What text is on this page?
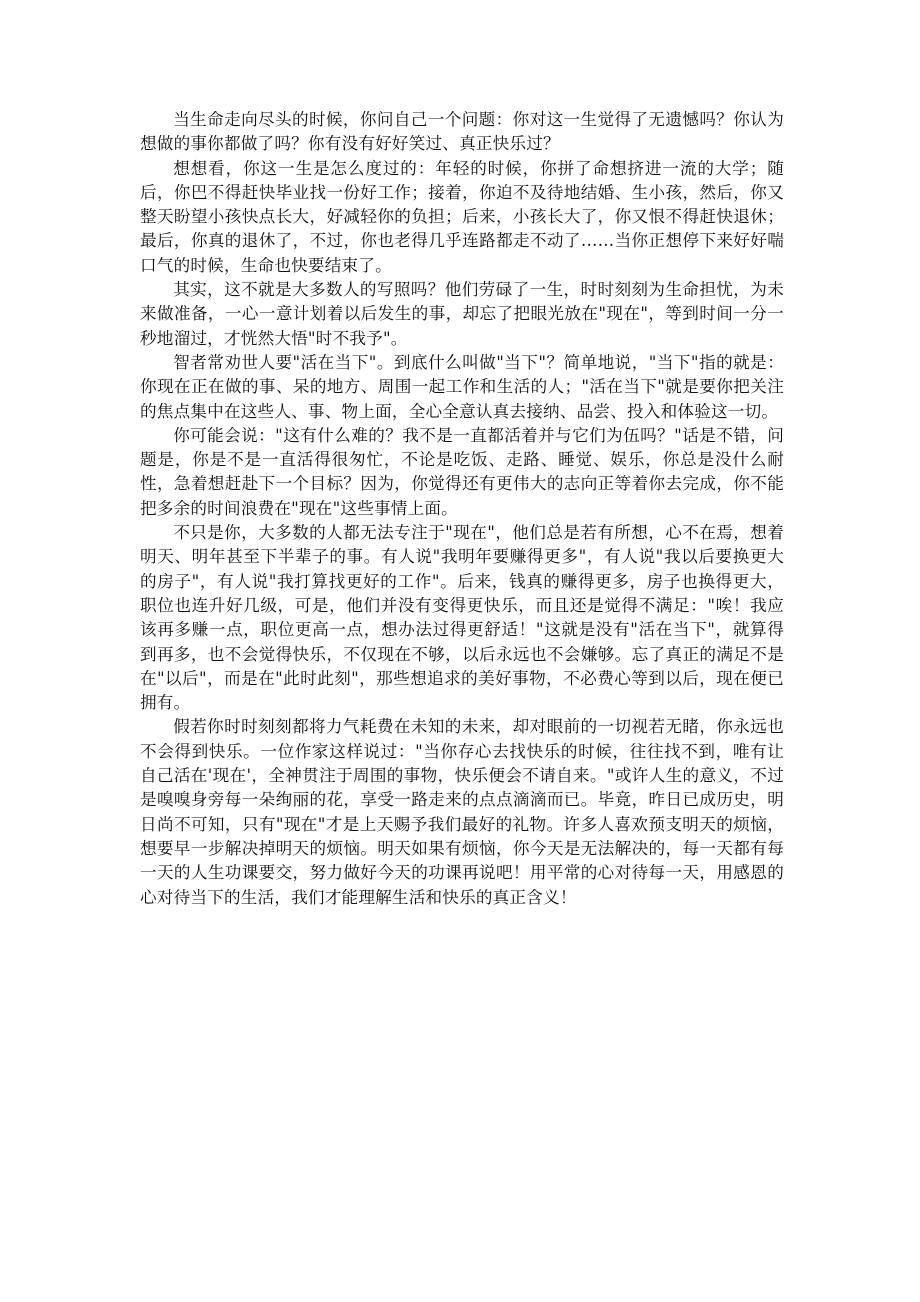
当生命走向尽头的时候，你问自己一个问题：你对这一生觉得了无遗憾吗？你认为想做的事你都做了吗？你有没有好好笑过、真正快乐过？

想想看，你这一生是怎么度过的：年轻的时候，你拼了命想挤进一流的大学；随后，你巴不得赶快毕业找一份好工作；接着，你迫不及待地结婚、生小孩，然后，你又整天盼望小孩快点长大，好减轻你的负担；后来，小孩长大了，你又恨不得赶快退休；最后，你真的退休了，不过，你也老得几乎连路都走不动了……当你正想停下来好好喘口气的时候，生命也快要结束了。

其实，这不就是大多数人的写照吗？他们劳碌了一生，时时刻刻为生命担忧，为未来做准备，一心一意计划着以后发生的事，却忘了把眼光放在"现在"，等到时间一分一秒地溜过，才恍然大悟"时不我予"。

智者常劝世人要"活在当下"。到底什么叫做"当下"？简单地说，"当下"指的就是：你现在正在做的事、呆的地方、周围一起工作和生活的人；"活在当下"就是要你把关注的焦点集中在这些人、事、物上面，全心全意认真去接纳、品尝、投入和体验这一切。

你可能会说："这有什么难的？我不是一直都活着并与它们为伍吗？"话是不错，问题是，你是不是一直活得很匆忙，不论是吃饭、走路、睡觉、娱乐，你总是没什么耐性，急着想赶赴下一个目标？因为，你觉得还有更伟大的志向正等着你去完成，你不能把多余的时间浪费在"现在"这些事情上面。

不只是你，大多数的人都无法专注于"现在"，他们总是若有所想，心不在焉，想着明天、明年甚至下半辈子的事。有人说"我明年要赚得更多"，有人说"我以后要换更大的房子"，有人说"我打算找更好的工作"。后来，钱真的赚得更多，房子也换得更大，职位也连升好几级，可是，他们并没有变得更快乐，而且还是觉得不满足："唉！我应该再多赚一点，职位更高一点，想办法过得更舒适！"这就是没有"活在当下"，就算得到再多，也不会觉得快乐，不仅现在不够，以后永远也不会嫌够。忘了真正的满足不是在"以后"，而是在"此时此刻"，那些想追求的美好事物，不必费心等到以后，现在便已拥有。

假若你时时刻刻都将力气耗费在未知的未来，却对眼前的一切视若无睹，你永远也不会得到快乐。一位作家这样说过："当你存心去找快乐的时候，往往找不到，唯有让自己活在'现在'，全神贯注于周围的事物，快乐便会不请自来。"或许人生的意义，不过是嗅嗅身旁每一朵绚丽的花，享受一路走来的点点滴滴而已。毕竟，昨日已成历史，明日尚不可知，只有"现在"才是上天赐予我们最好的礼物。许多人喜欢预支明天的烦恼，想要早一步解决掉明天的烦恼。明天如果有烦恼，你今天是无法解决的，每一天都有每一天的人生功课要交，努力做好今天的功课再说吧！用平常的心对待每一天，用感恩的心对待当下的生活，我们才能理解生活和快乐的真正含义！
